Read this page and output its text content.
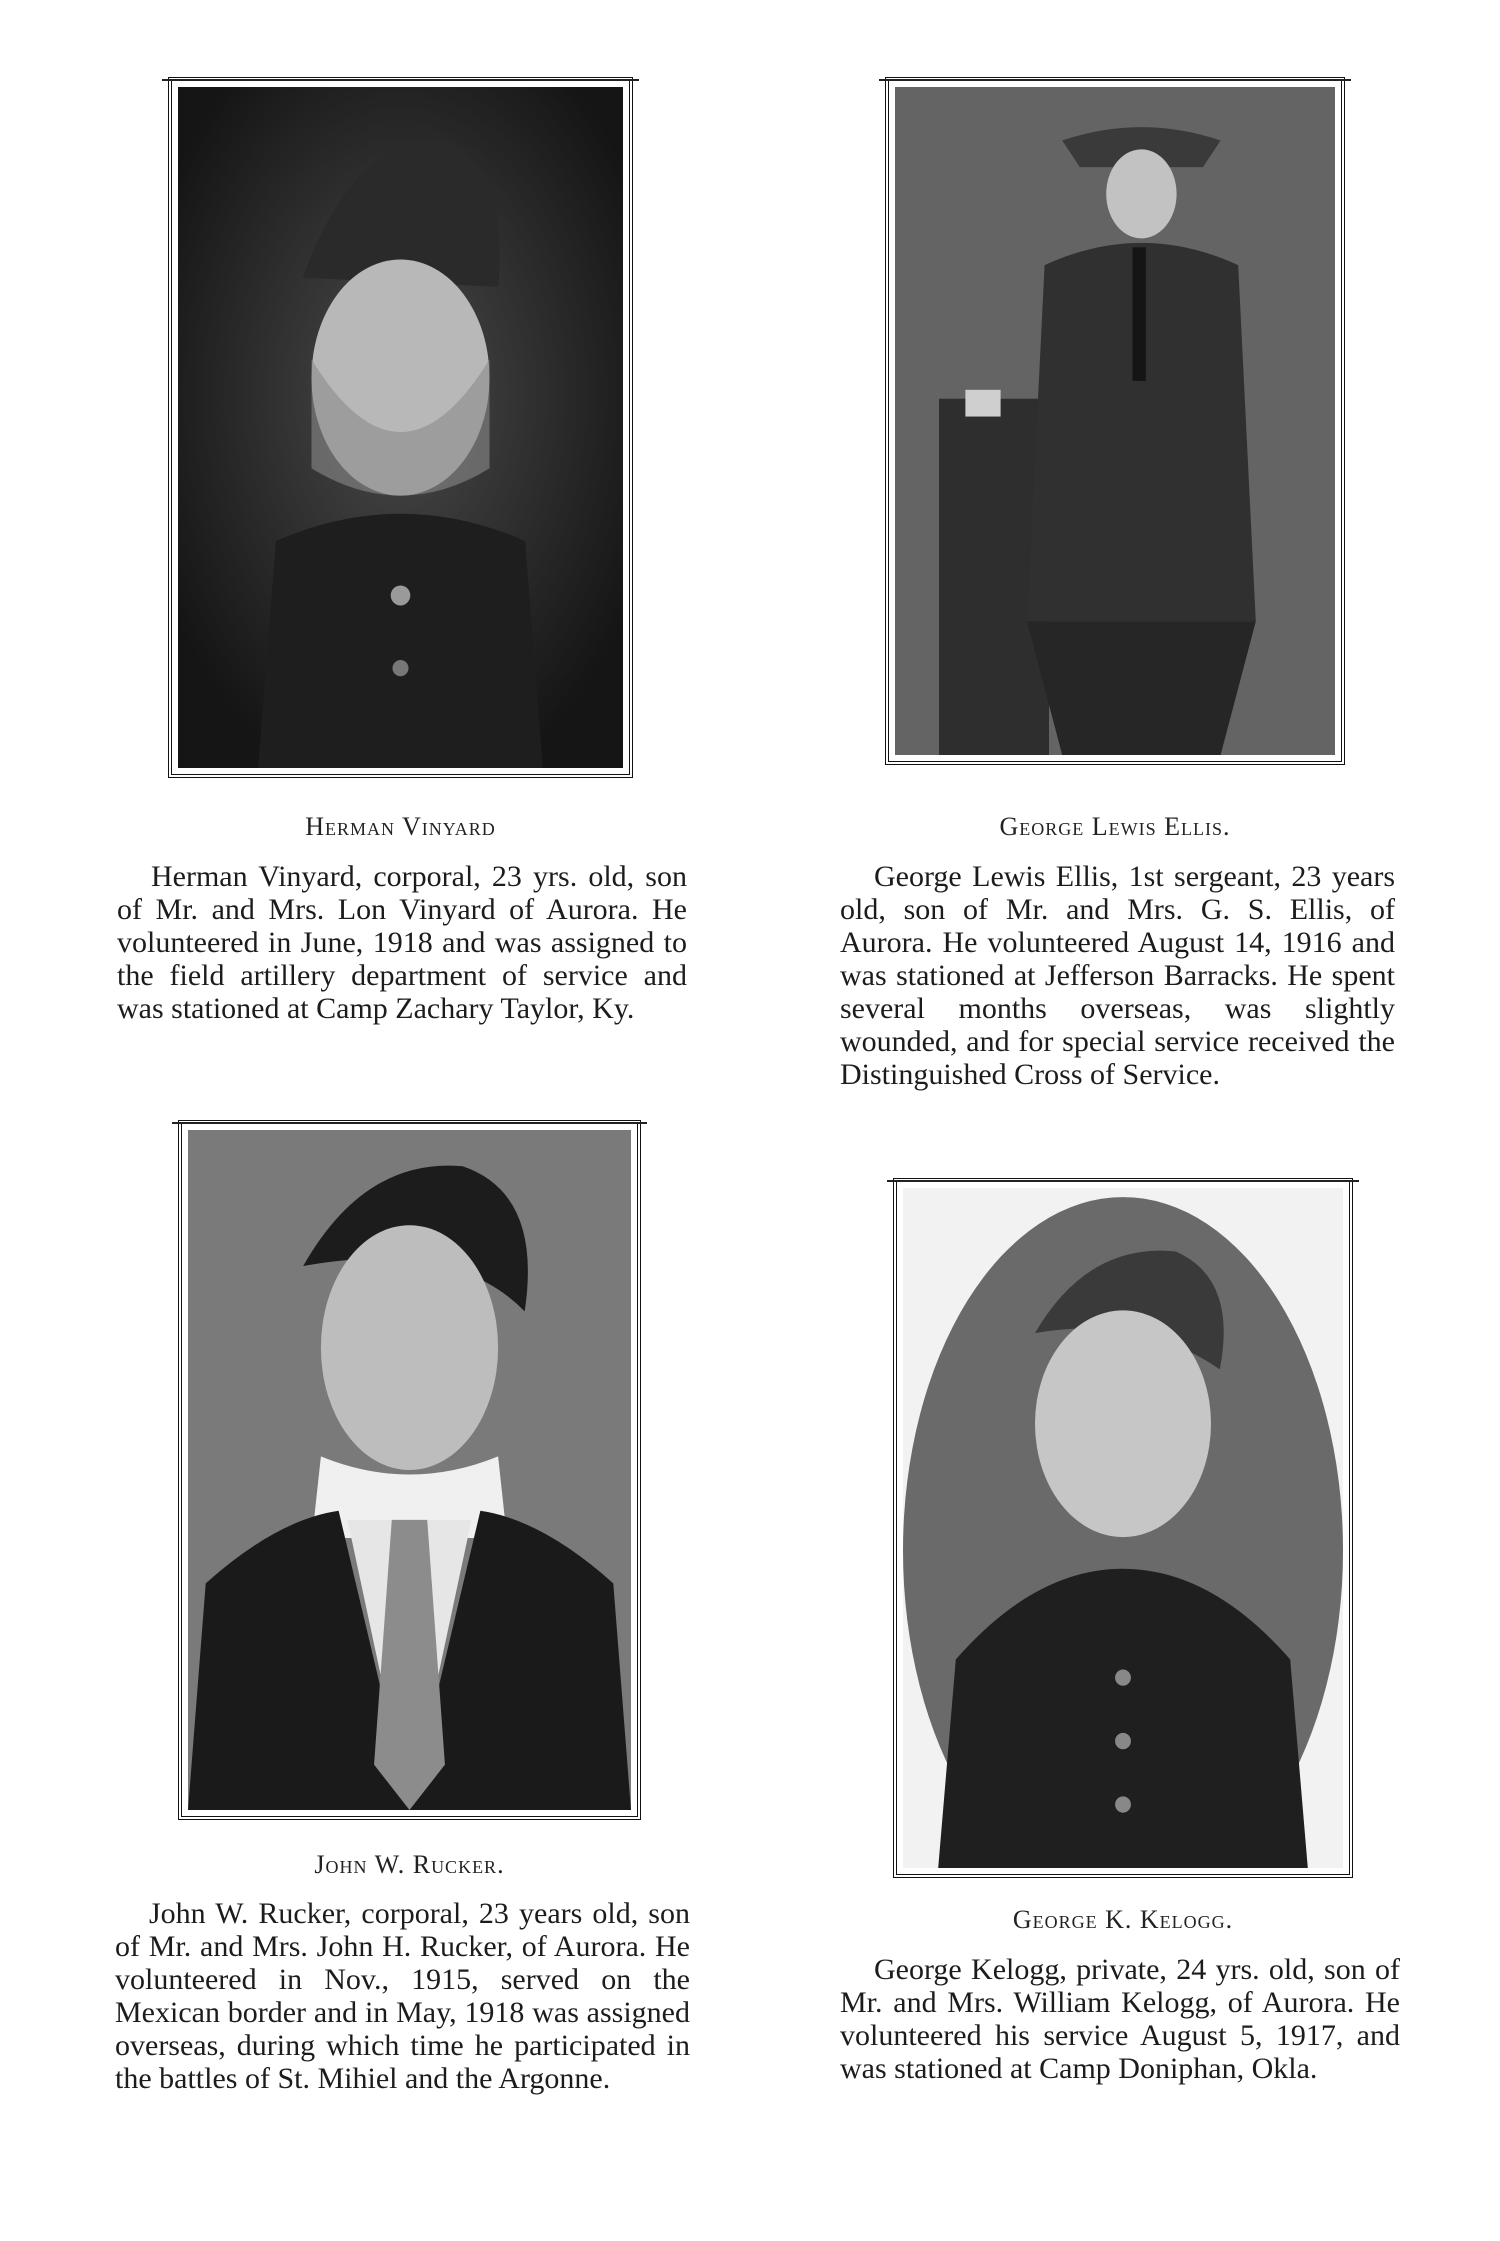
Herman Vinyard

Herman Vinyard, corporal, 23 yrs. old, son of Mr. and Mrs. Lon Vinyard of Aurora. He volunteered in June, 1918 and was assigned to the field artillery department of service and was stationed at Camp Zachary Taylor, Ky.

George Lewis Ellis.

George Lewis Ellis, 1st sergeant, 23 years old, son of Mr. and Mrs. G. S. Ellis, of Aurora. He volunteered August 14, 1916 and was stationed at Jefferson Barracks. He spent several months overseas, was slightly wounded, and for special service received the Distinguished Cross of Service.

John W. Rucker.

John W. Rucker, corporal, 23 years old, son of Mr. and Mrs. John H. Rucker, of Aurora. He volunteered in Nov., 1915, served on the Mexican border and in May, 1918 was assigned overseas, during which time he participated in the battles of St. Mihiel and the Argonne.

George K. Kelogg.

George Kelogg, private, 24 yrs. old, son of Mr. and Mrs. William Kelogg, of Aurora. He volunteered his service August 5, 1917, and was stationed at Camp Doniphan, Okla.
